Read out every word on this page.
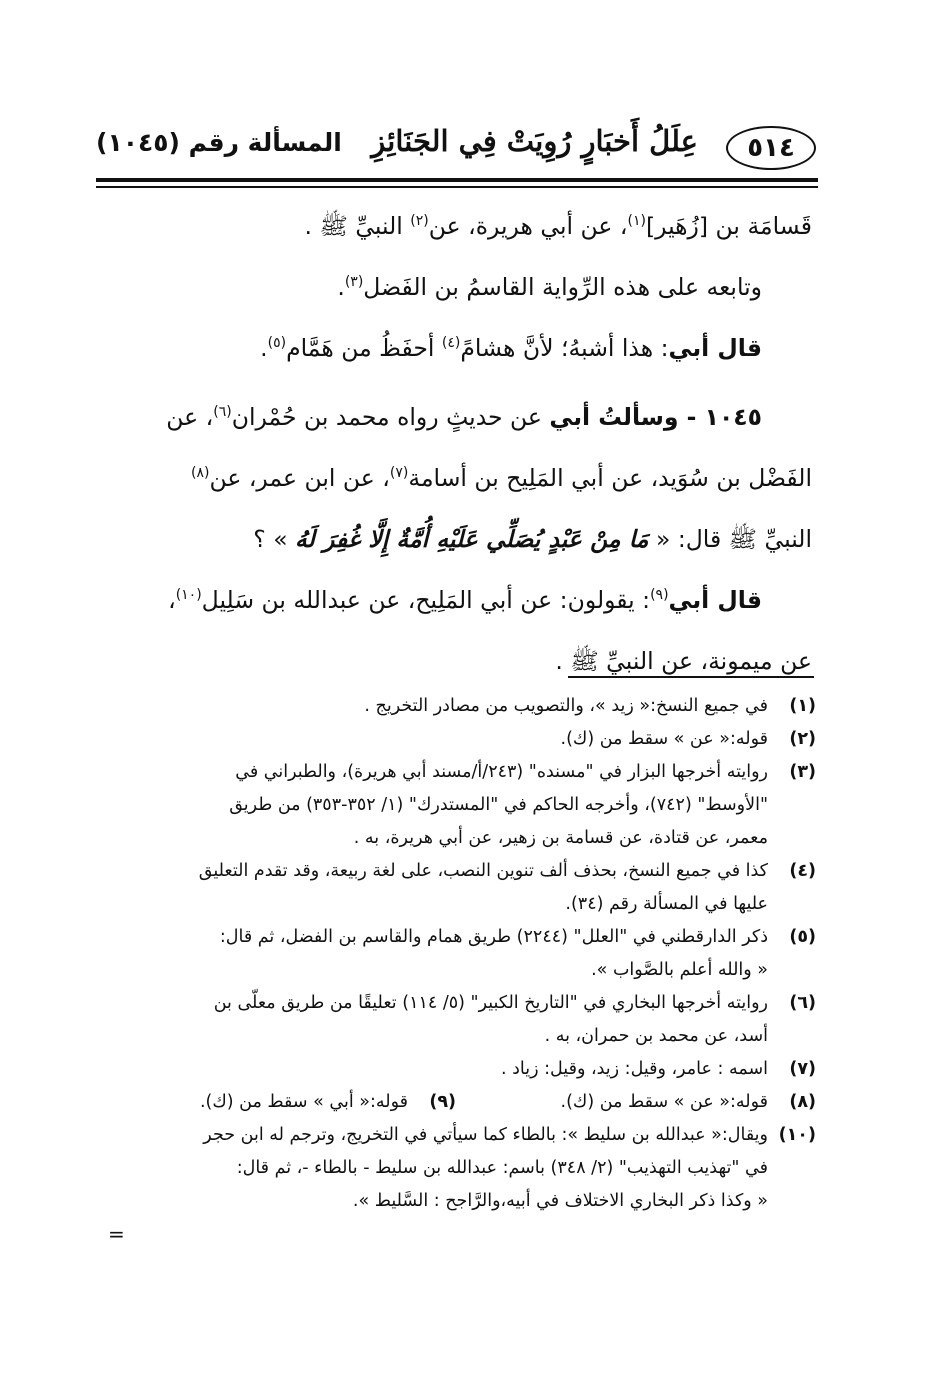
٥١٤
عِلَلُ أَخبَارٍ رُوِيَتْ فِي الجَنَائِزِ
المسألة رقم (١٠٤٥)
قَسامَة بن [زُهَير]$^{(١)}$، عن أبي هريرة، عن$^{(٢)}$ النبيِّ ﷺ .
وتابعه على هذه الرِّواية القاسمُ بن الفَضل$^{(٣)}$.
قال أبي: هذا أشبهُ؛ لأنَّ هشامً$^{(٤)}$ أحفَظُ من هَمَّام$^{(٥)}$.
١٠٤٥ - وسألتُ أبي عن حديثٍ رواه محمد بن حُمْران$^{(٦)}$، عن
الفَضْل بن سُوَيد، عن أبي المَلِيح بن أسامة$^{(٧)}$، عن ابن عمر، عن$^{(٨)}$
النبيِّ ﷺ قال: « مَا مِنْ عَبْدٍ يُصَلِّي عَلَيْهِ أُمَّةٌ إِلَّا غُفِرَ لَهُ » ؟
قال أبي$^{(٩)}$: يقولون: عن أبي المَلِيح، عن عبدالله بن سَلِيل$^{(١٠)}$،
عن ميمونة، عن النبيِّ ﷺ .
(١)
في جميع النسخ:« زيد »، والتصويب من مصادر التخريج .
(٢)
قوله:« عن » سقط من (ك).
(٣)
روايته أخرجها البزار في "مسنده" (٢٤٣/أ/مسند أبي هريرة)، والطبراني في
"الأوسط" (٧٤٢)، وأخرجه الحاكم في "المستدرك" (١/ ٣٥٢-٣٥٣) من طريق
معمر، عن قتادة، عن قسامة بن زهير، عن أبي هريرة، به .
(٤)
كذا في جميع النسخ، بحذف ألف تنوين النصب، على لغة ربيعة، وقد تقدم التعليق
عليها في المسألة رقم (٣٤).
(٥)
ذكر الدارقطني في "العلل" (٢٢٤٤) طريق همام والقاسم بن الفضل، ثم قال:
« والله أعلم بالصَّواب ».
(٦)
روايته أخرجها البخاري في "التاريخ الكبير" (٥/ ١١٤) تعليقًا من طريق معلّى بن
أسد، عن محمد بن حمران، به .
(٧)
اسمه : عامر، وقيل: زيد، وقيل: زياد .
(٨)
قوله:« عن » سقط من (ك).
(٩)
قوله:« أبي » سقط من (ك).
(١٠)
ويقال:« عبدالله بن سليط »: بالطاء كما سيأتي في التخريج، وترجم له ابن حجر
في "تهذيب التهذيب" (٢/ ٣٤٨) باسم: عبدالله بن سليط - بالطاء -، ثم قال:
« وكذا ذكر البخاري الاختلاف في أبيه،والرَّاجح : السَّليط ».
=
